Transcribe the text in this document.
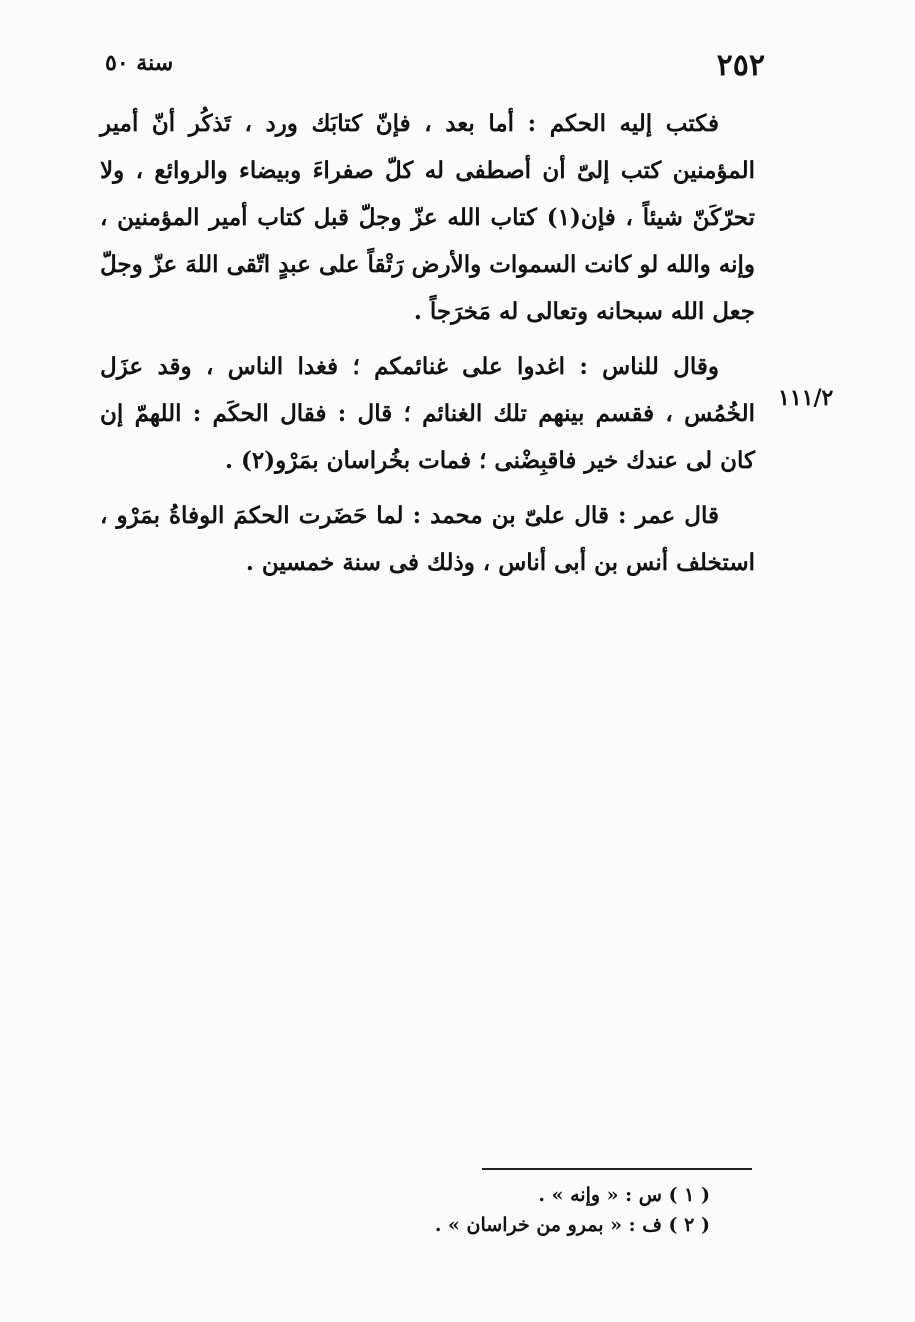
٢٥٢
سنة ٥٠

فكتب إليه الحكم : أما بعد ، فإنّ كتابَك ورد ، تَذكُر أنّ أمير المؤمنين كتب إلىّ أن أصطفى له كلّ صفراءَ وبيضاء والروائع ، ولا تحرّكَنّ شيئاً ، فإن(١) كتاب الله عزّ وجلّ قبل كتاب أمير المؤمنين ، وإنه والله لو كانت السموات والأرض رَتْقاً على عبدٍ اتّقى اللهَ عزّ وجلّ جعل الله سبحانه وتعالى له مَخرَجاً .

وقال للناس : اغدوا على غنائمكم ؛ فغدا الناس ، وقد عزَل الخُمُس ، فقسم بينهم تلك الغنائم ؛ قال : فقال الحكَم : اللهمّ إن كان لى عندك خير فاقبِضْنى ؛ فمات بخُراسان بمَرْو(٢) .

قال عمر : قال علىّ بن محمد : لما حَضَرت الحكمَ الوفاةُ بمَرْو ، استخلف أنس بن أبى أناس ، وذلك فى سنة خمسين .

١١١/٢

( ١ ) س : « وإنه » .

( ٢ ) ف : « بمرو من خراسان » .
